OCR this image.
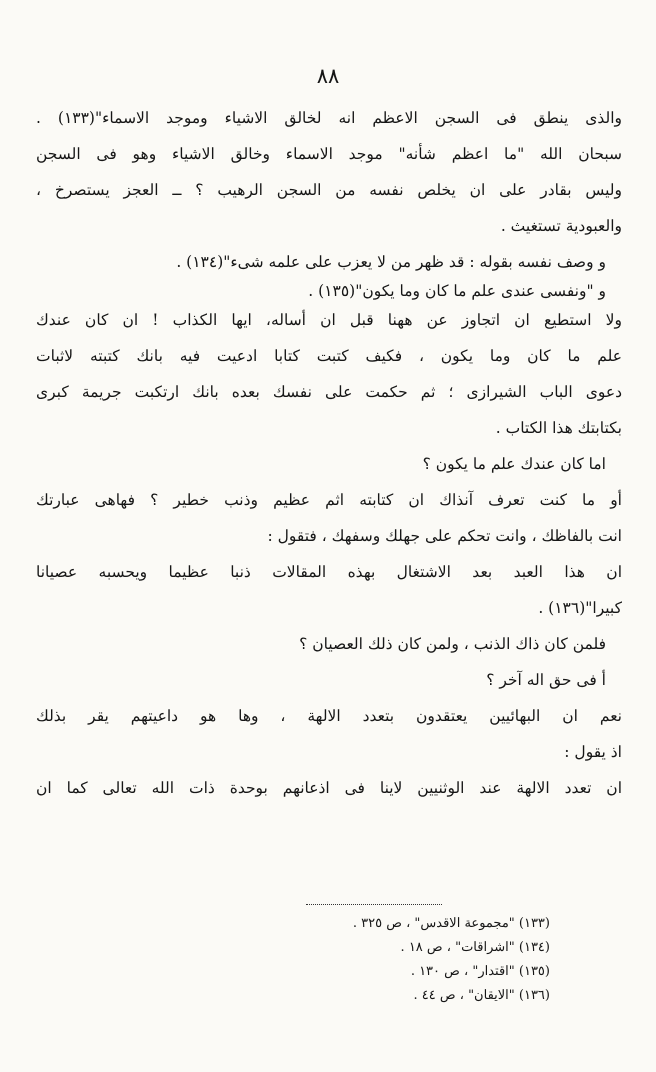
٨٨
والذى ينطق فى السجن الاعظم انه لخالق الاشياء وموجد الاسماء"(١٣٣) .
سبحان الله "ما اعظم شأنه" موجد الاسماء وخالق الاشياء وهو فى السجن
وليس بقادر على ان يخلص نفسه من السجن الرهيب ؟ ــ العجز يستصرخ ،
والعبودية تستغيث .
و وصف نفسه بقوله : قد ظهر من لا يعزب على علمه شىء"(١٣٤) .
و "ونفسى عندى علم ما كان وما يكون"(١٣٥) .
ولا استطيع ان اتجاوز عن ههنا قبل ان أساله، ايها الكذاب ! ان كان عندك
علم ما كان وما يكون ، فكيف كتبت كتابا ادعيت فيه بانك كتبته لاثبات
دعوى الباب الشيرازى ؛ ثم حكمت على نفسك بعده بانك ارتكبت جريمة كبرى
بكتابتك هذا الكتاب .
اما كان عندك علم ما يكون ؟
أو ما كنت تعرف آنذاك ان كتابته اثم عظيم وذنب خطير ؟ فهاهى عبارتك
انت بالفاظك ، وانت تحكم على جهلك وسفهك ، فتقول :
ان هذا العبد بعد الاشتغال بهذه المقالات ذنبا عظيما ويحسبه عصيانا
كبيرا"(١٣٦) .
فلمن كان ذاك الذنب ، ولمن كان ذلك العصيان ؟
أ فى حق اله آخر ؟
نعم ان البهائيين يعتقدون بتعدد الالهة ، وها هو داعيتهم يقر بذلك
اذ يقول :
ان تعدد الالهة عند الوثنيين لاينا فى اذعانهم بوحدة ذات الله تعالى كما ان
(١٣٣) "مجموعة الاقدس" ، ص ٣٢٥ .
(١٣٤) "اشراقات" ، ص ١٨ .
(١٣٥) "اقتدار" ، ص ١٣٠ .
(١٣٦) "الايقان" ، ص ٤٤ .
